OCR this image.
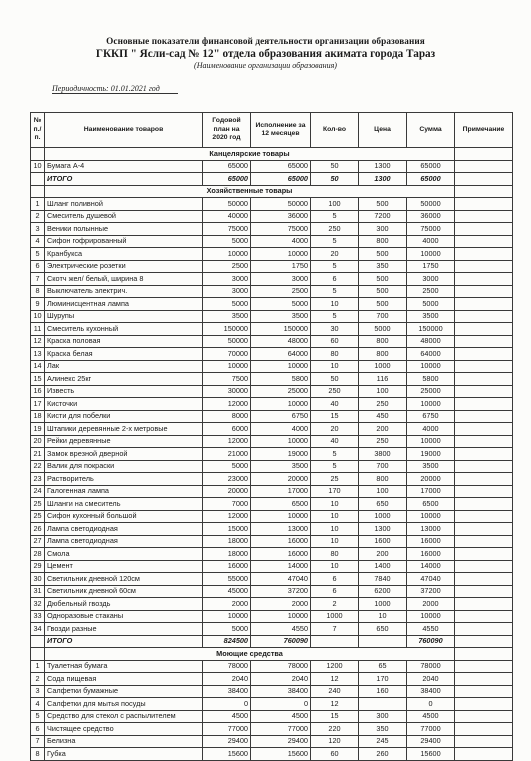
Основные показатели финансовой деятельности организации образования
ГККП " Ясли-сад № 12" отдела образования акимата города Тараз
(Наименование организации образования)
Периодичность: 01.01.2021 год
№ п./п.	Наименование товаров	Годовой план на 2020 год	Исполнение за 12 месяцев	Кол-во	Цена	Сумма	Примечание
	Канцелярские товары						
10	Бумага А-4	65000	65000	50	1300	65000	
	ИТОГО	65000	65000	50	1300	65000	
	Хозяйственные товары						
1	Шланг поливной	50000	50000	100	500	50000	
2	Смеситель душевой	40000	36000	5	7200	36000	
3	Веники полынные	75000	75000	250	300	75000	
4	Сифон гофрированный	5000	4000	5	800	4000	
5	Кранбукса	10000	10000	20	500	10000	
6	Электрические розетки	2500	1750	5	350	1750	
7	Скотч жел/ белый, ширина 8	3000	3000	6	500	3000	
8	Выключатель электрич.	3000	2500	5	500	2500	
9	Люминисцентная лампа	5000	5000	10	500	5000	
10	Шурупы	3500	3500	5	700	3500	
11	Смеситель кухонный	150000	150000	30	5000	150000	
12	Краска половая	50000	48000	60	800	48000	
13	Краска белая	70000	64000	80	800	64000	
14	Лак	10000	10000	10	1000	10000	
15	Алинекс 25кг	7500	5800	50	116	5800	
16	Известь	30000	25000	250	100	25000	
17	Кисточки	12000	10000	40	250	10000	
18	Кисти для побелки	8000	6750	15	450	6750	
19	Штапики деревянные 2-х метровые	6000	4000	20	200	4000	
20	Рейки деревянные	12000	10000	40	250	10000	
21	Замок врезной дверной	21000	19000	5	3800	19000	
22	Валик для покраски	5000	3500	5	700	3500	
23	Растворитель	23000	20000	25	800	20000	
24	Галогенная лампа	20000	17000	170	100	17000	
25	Шланги на смеситель	7000	6500	10	650	6500	
25	Сифон кухонный большой	12000	10000	10	1000	10000	
26	Лампа светодиодная	15000	13000	10	1300	13000	
27	Лампа светодиодная	18000	16000	10	1600	16000	
28	Смола	18000	16000	80	200	16000	
29	Цемент	16000	14000	10	1400	14000	
30	Светильник дневной 120см	55000	47040	6	7840	47040	
31	Светильник дневной 60см	45000	37200	6	6200	37200	
32	Дюбельный гвоздь	2000	2000	2	1000	2000	
33	Одноразовые стаканы	10000	10000	1000	10	10000	
34	Гвозди разные	5000	4550	7	650	4550	
	ИТОГО	824500	760090			760090	
	Моющие средства						
1	Туалетная бумага	78000	78000	1200	65	78000	
2	Сода пищевая	2040	2040	12	170	2040	
3	Салфетки бумажные	38400	38400	240	160	38400	
4	Салфетки для мытья посуды	0	0	12		0	
5	Средство для стекол с распылителем	4500	4500	15	300	4500	
6	Чистящее средство	77000	77000	220	350	77000	
7	Белизна	29400	29400	120	245	29400	
8	Губка	15600	15600	60	260	15600	
